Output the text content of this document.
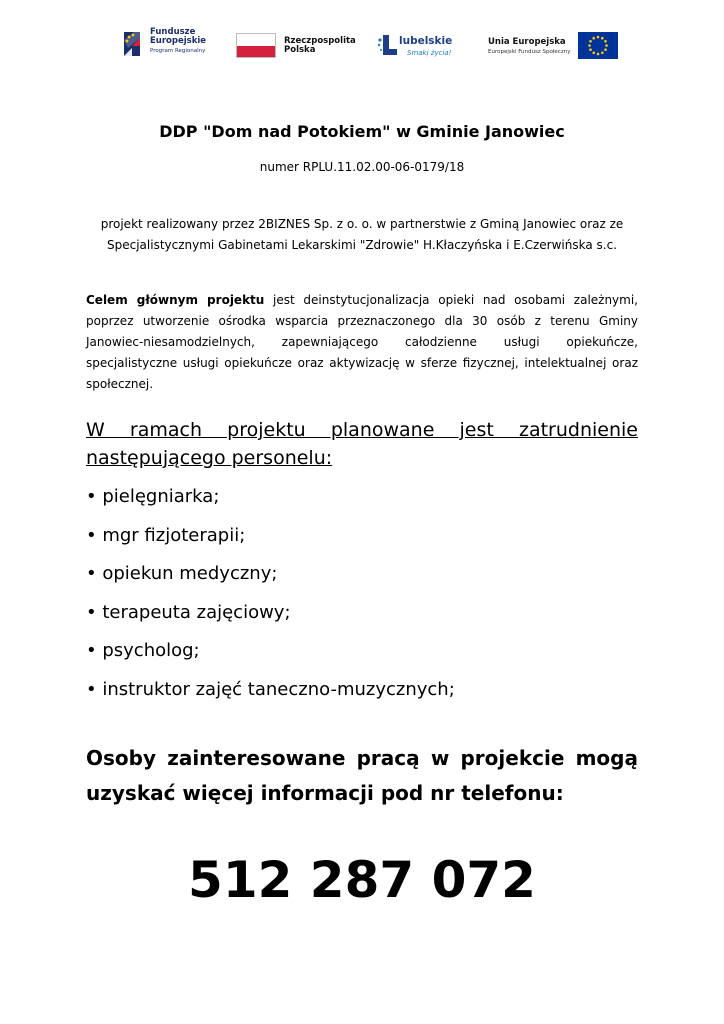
Fundusze
Europejskie
Program Regionalny
Rzeczpospolita
Polska
lubelskie
Smaki̩ życia!
Unia Europejska
Europejski Fundusz Społeczny
DDP "Dom nad Potokiem" w Gminie Janowiec
numer RPLU.11.02.00-06-0179/18
projekt realizowany przez 2BIZNES Sp. z o. o. w partnerstwie z Gminą Janowiec oraz ze Specjalistycznymi Gabinetami Lekarskimi "Zdrowie" H.Kłaczyńska i E.Czerwińska s.c.
Celem głównym projektu jest deinstytucjonalizacja opieki nad osobami zależnymi, poprzez utworzenie ośrodka wsparcia przeznaczonego dla 30 osób z terenu Gminy Janowiec-niesamodzielnych, zapewniającego całodzienne usługi opiekuńcze, specjalistyczne usługi opiekuńcze oraz aktywizację w sferze fizycznej, intelektualnej oraz społecznej.
W ramach projektu planowane jest zatrudnienie
następującego personelu:
• pielęgniarka;
• mgr fizjoterapii;
• opiekun medyczny;
• terapeuta zajęciowy;
• psycholog;
• instruktor zajęć taneczno-muzycznych;
Osoby zainteresowane pracą w projekcie mogą
uzyskać więcej informacji pod nr telefonu:
512 287 072
